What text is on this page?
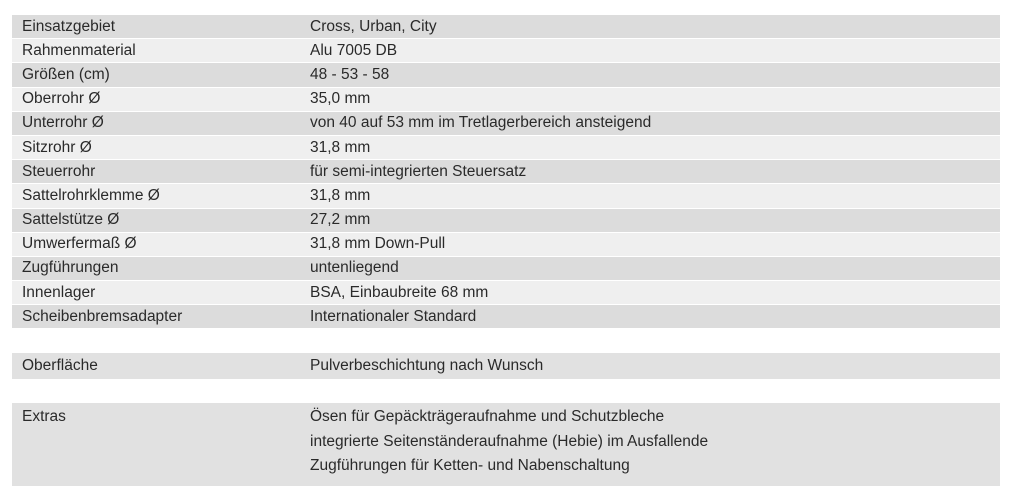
Einsatzgebiet	Cross, Urban, City
Rahmenmaterial	Alu 7005 DB
Größen (cm)	48 - 53 - 58
Oberrohr Ø	35,0 mm
Unterrohr Ø	von 40 auf 53 mm im Tretlagerbereich ansteigend
Sitzrohr Ø	31,8 mm
Steuerrohr	für semi-integrierten Steuersatz
Sattelrohrklemme Ø	31,8 mm
Sattelstütze Ø	27,2 mm
Umwerfermaß Ø	31,8 mm Down-Pull
Zugführungen	untenliegend
Innenlager	BSA, Einbaubreite 68 mm
Scheibenbremsadapter	Internationaler Standard
Oberfläche	Pulverbeschichtung nach Wunsch
Extras	Ösen für Gepäckträgeraufnahme und Schutzbleche
integrierte Seitenständeraufnahme (Hebie) im Ausfallende
Zugführungen für Ketten- und Nabenschaltung
